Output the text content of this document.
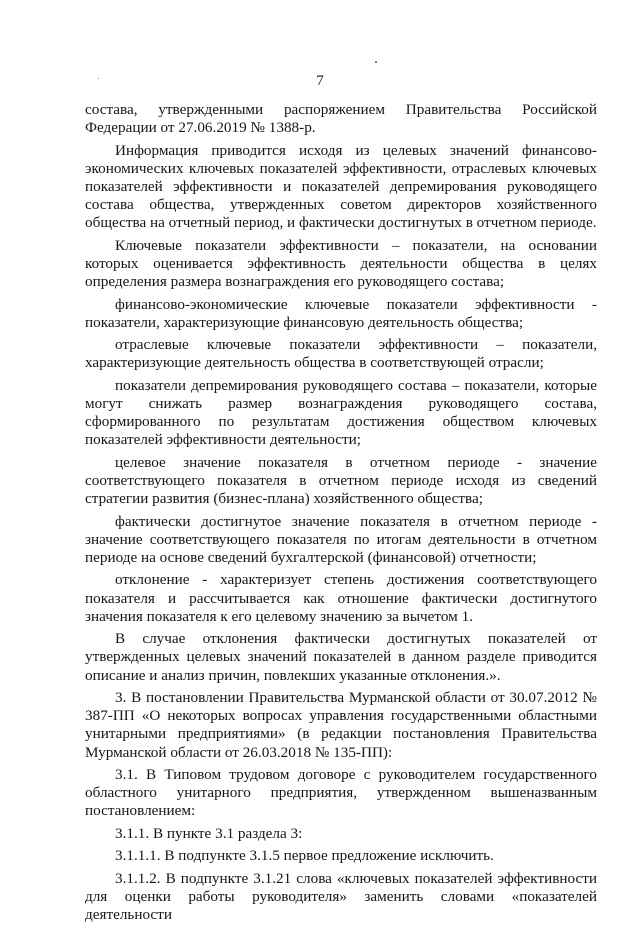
7

состава, утвержденными распоряжением Правительства Российской Федерации от 27.06.2019 № 1388-р.

Информация приводится исходя из целевых значений финансово-экономических ключевых показателей эффективности, отраслевых ключевых показателей эффективности и показателей депремирования руководящего состава общества, утвержденных советом директоров хозяйственного общества на отчетный период, и фактически достигнутых в отчетном периоде.

Ключевые показатели эффективности – показатели, на основании которых оценивается эффективность деятельности общества в целях определения размера вознаграждения его руководящего состава;

финансово-экономические ключевые показатели эффективности - показатели, характеризующие финансовую деятельность общества;

отраслевые ключевые показатели эффективности – показатели, характеризующие деятельность общества в соответствующей отрасли;

показатели депремирования руководящего состава – показатели, которые могут снижать размер вознаграждения руководящего состава, сформированного по результатам достижения обществом ключевых показателей эффективности деятельности;

целевое значение показателя в отчетном периоде - значение соответствующего показателя в отчетном периоде исходя из сведений стратегии развития (бизнес-плана) хозяйственного общества;

фактически достигнутое значение показателя в отчетном периоде - значение соответствующего показателя по итогам деятельности в отчетном периоде на основе сведений бухгалтерской (финансовой) отчетности;

отклонение - характеризует степень достижения соответствующего показателя и рассчитывается как отношение фактически достигнутого значения показателя к его целевому значению за вычетом 1.

В случае отклонения фактически достигнутых показателей от утвержденных целевых значений показателей в данном разделе приводится описание и анализ причин, повлекших указанные отклонения.».

3. В постановлении Правительства Мурманской области от 30.07.2012 № 387-ПП «О некоторых вопросах управления государственными областными унитарными предприятиями» (в редакции постановления Правительства Мурманской области от 26.03.2018 № 135-ПП):

3.1. В Типовом трудовом договоре с руководителем государственного областного унитарного предприятия, утвержденном вышеназванным постановлением:

3.1.1. В пункте 3.1 раздела 3:

3.1.1.1. В подпункте 3.1.5 первое предложение исключить.

3.1.1.2. В подпункте 3.1.21 слова «ключевых показателей эффективности для оценки работы руководителя» заменить словами «показателей деятельности
